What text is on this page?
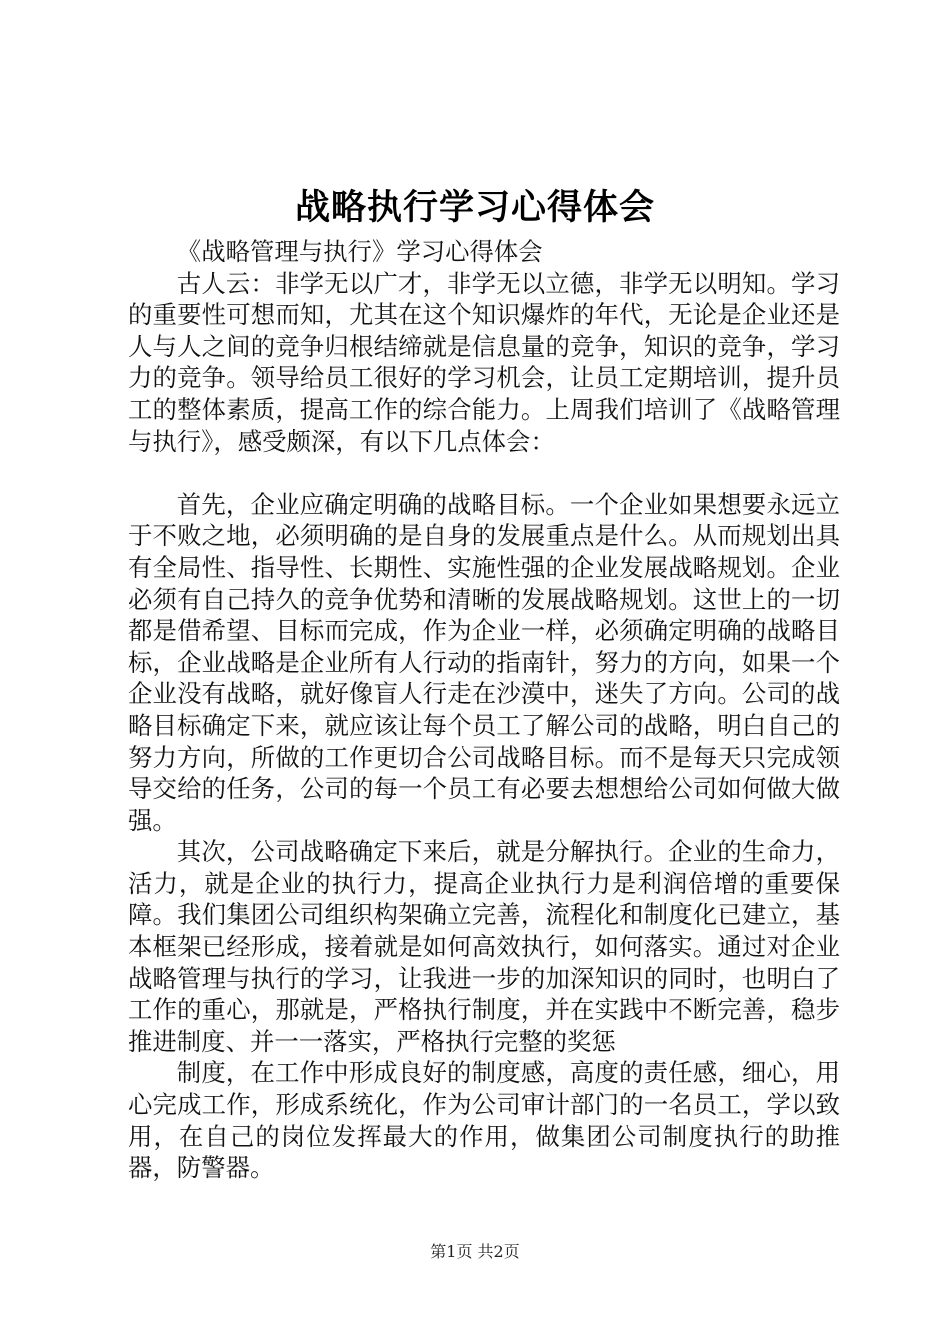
战略执行学习心得体会

《战略管理与执行》学习心得体会

古人云：非学无以广才，非学无以立德，非学无以明知。学习的重要性可想而知，尤其在这个知识爆炸的年代，无论是企业还是人与人之间的竞争归根结缔就是信息量的竞争，知识的竞争，学习力的竞争。领导给员工很好的学习机会，让员工定期培训，提升员工的整体素质，提高工作的综合能力。上周我们培训了《战略管理与执行》，感受颇深，有以下几点体会：

首先，企业应确定明确的战略目标。一个企业如果想要永远立于不败之地，必须明确的是自身的发展重点是什么。从而规划出具有全局性、指导性、长期性、实施性强的企业发展战略规划。企业必须有自己持久的竞争优势和清晰的发展战略规划。这世上的一切都是借希望、目标而完成，作为企业一样，必须确定明确的战略目标，企业战略是企业所有人行动的指南针，努力的方向，如果一个企业没有战略，就好像盲人行走在沙漠中，迷失了方向。公司的战略目标确定下来，就应该让每个员工了解公司的战略，明白自己的努力方向，所做的工作更切合公司战略目标。而不是每天只完成领导交给的任务，公司的每一个员工有必要去想想给公司如何做大做强。

其次，公司战略确定下来后，就是分解执行。企业的生命力，活力，就是企业的执行力，提高企业执行力是利润倍增的重要保障。我们集团公司组织构架确立完善，流程化和制度化已建立，基本框架已经形成，接着就是如何高效执行，如何落实。通过对企业战略管理与执行的学习，让我进一步的加深知识的同时，也明白了工作的重心，那就是，严格执行制度，并在实践中不断完善，稳步推进制度、并一一落实，严格执行完整的奖惩

制度，在工作中形成良好的制度感，高度的责任感，细心，用心完成工作，形成系统化，作为公司审计部门的一名员工，学以致用，在自己的岗位发挥最大的作用，做集团公司制度执行的助推器，防警器。

第1页 共2页
